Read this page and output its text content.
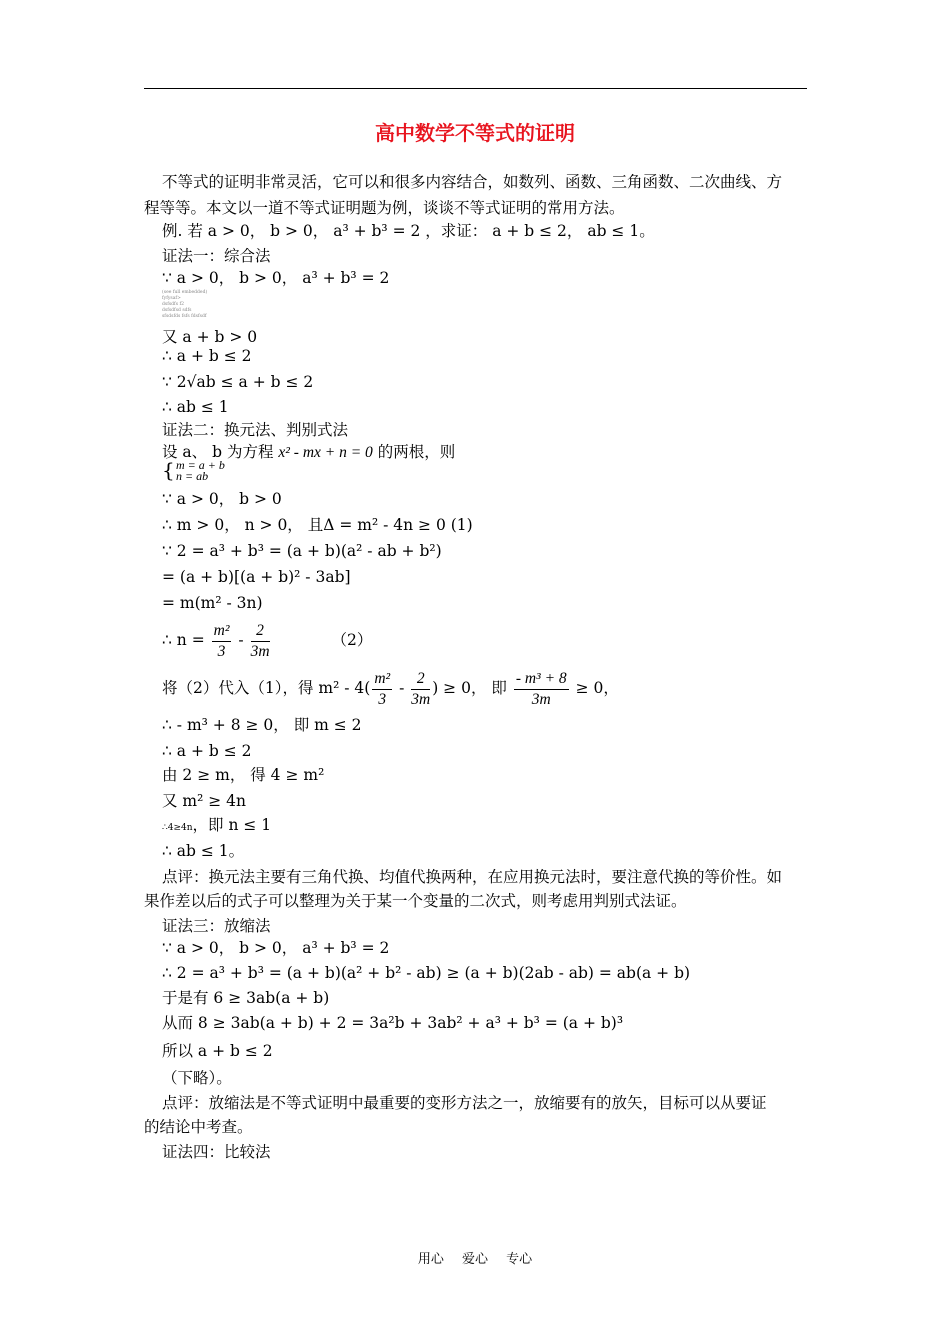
高中数学不等式的证明
不等式的证明非常灵活，它可以和很多内容结合，如数列、函数、三角函数、二次曲线、方
程等等。本文以一道不等式证明题为例，谈谈不等式证明的常用方法。
例. 若 a > 0， b > 0， a³ + b³ = 2 ，求证： a + b ≤ 2， ab ≤ 1。
证法一：综合法
∵ a > 0， b > 0， a³ + b³ = 2
(see full embedded)
fyfysaf>
dsfsdfs f2
dsfsdfsd sdfs
sfsdsfds fsfs fdsfsdf
又 a + b > 0
∴ a + b ≤ 2
∵ 2√ab ≤ a + b ≤ 2
∴ ab ≤ 1
证法二：换元法、判别式法
设 a、 b 为方程 x² - mx + n = 0 的两根，则
{ m = a + b
n = ab
∵ a > 0， b > 0
∴ m > 0， n > 0， 且Δ = m² - 4n ≥ 0 (1)
∵ 2 = a³ + b³ = (a + b)(a² - ab + b²)
= (a + b)[(a + b)² - 3ab]
= m(m² - 3n)
∴ $n = \frac{\text{m²}}{3} - \frac{2}{3m}$	（2）
将（2）代入（1），得 $m^2 - 4( \frac{\text{m²}}{3} - \frac{2}{3m}$ ) ≥ 0， 即 $\frac{\text{- m³ + 8}}{3m} \ge 0$，
∴ - m³ + 8 ≥ 0， 即 m ≤ 2
∴ a + b ≤ 2
由 2 ≥ m， 得 4 ≥ m²
又 m² ≥ 4n
∴4≥4n，即 n ≤ 1
∴ ab ≤ 1。
点评：换元法主要有三角代换、均值代换两种，在应用换元法时，要注意代换的等价性。如
果作差以后的式子可以整理为关于某一个变量的二次式，则考虑用判别式法证。
证法三：放缩法
∵ a > 0， b > 0， a³ + b³ = 2
∴ 2 = a³ + b³ = (a + b)(a² + b² - ab) ≥ (a + b)(2ab - ab) = ab(a + b)
于是有 6 ≥ 3ab(a + b)
从而 8 ≥ 3ab(a + b) + 2 = 3a²b + 3ab² + a³ + b³ = (a + b)³
所以 a + b ≤ 2
（下略）。
点评：放缩法是不等式证明中最重要的变形方法之一，放缩要有的放矢，目标可以从要证
的结论中考查。
证法四：比较法
用心 爱心 专心
